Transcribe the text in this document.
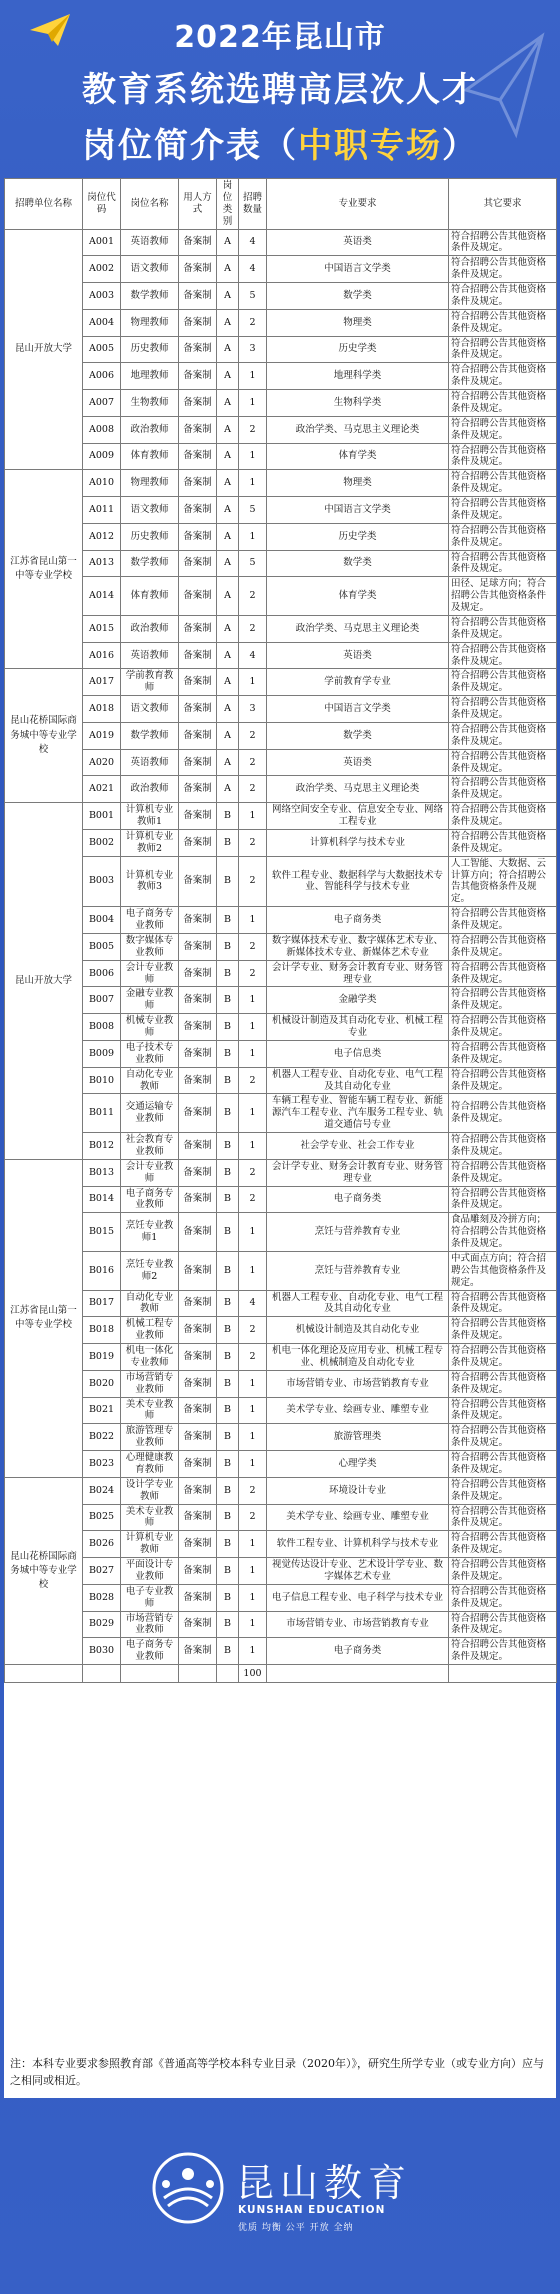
2022年昆山市
教育系统选聘高层次人才
岗位简介表（中职专场）
招聘单位名称	岗位代码	岗位名称	用人方式	岗位类别	招聘数量	专业要求	其它要求
昆山开放大学	A001	英语教师	备案制	A	4	英语类	符合招聘公告其他资格条件及规定。
	A002	语文教师	备案制	A	4	中国语言文学类	符合招聘公告其他资格条件及规定。
	A003	数学教师	备案制	A	5	数学类	符合招聘公告其他资格条件及规定。
	A004	物理教师	备案制	A	2	物理类	符合招聘公告其他资格条件及规定。
	A005	历史教师	备案制	A	3	历史学类	符合招聘公告其他资格条件及规定。
	A006	地理教师	备案制	A	1	地理科学类	符合招聘公告其他资格条件及规定。
	A007	生物教师	备案制	A	1	生物科学类	符合招聘公告其他资格条件及规定。
	A008	政治教师	备案制	A	2	政治学类、马克思主义理论类	符合招聘公告其他资格条件及规定。
	A009	体育教师	备案制	A	1	体育学类	符合招聘公告其他资格条件及规定。
江苏省昆山第一中等专业学校	A010	物理教师	备案制	A	1	物理类	符合招聘公告其他资格条件及规定。
	A011	语文教师	备案制	A	5	中国语言文学类	符合招聘公告其他资格条件及规定。
	A012	历史教师	备案制	A	1	历史学类	符合招聘公告其他资格条件及规定。
	A013	数学教师	备案制	A	5	数学类	符合招聘公告其他资格条件及规定。
	A014	体育教师	备案制	A	2	体育学类	田径、足球方向；符合招聘公告其他资格条件及规定。
	A015	政治教师	备案制	A	2	政治学类、马克思主义理论类	符合招聘公告其他资格条件及规定。
	A016	英语教师	备案制	A	4	英语类	符合招聘公告其他资格条件及规定。
昆山花桥国际商务城中等专业学校	A017	学前教育教师	备案制	A	1	学前教育学专业	符合招聘公告其他资格条件及规定。
	A018	语文教师	备案制	A	3	中国语言文学类	符合招聘公告其他资格条件及规定。
	A019	数学教师	备案制	A	2	数学类	符合招聘公告其他资格条件及规定。
	A020	英语教师	备案制	A	2	英语类	符合招聘公告其他资格条件及规定。
	A021	政治教师	备案制	A	2	政治学类、马克思主义理论类	符合招聘公告其他资格条件及规定。
昆山开放大学	B001	计算机专业教师1	备案制	B	1	网络空间安全专业、信息安全专业、网络工程专业	符合招聘公告其他资格条件及规定。
	B002	计算机专业教师2	备案制	B	2	计算机科学与技术专业	符合招聘公告其他资格条件及规定。
	B003	计算机专业教师3	备案制	B	2	软件工程专业、数据科学与大数据技术专业、智能科学与技术专业	人工智能、大数据、云计算方向；符合招聘公告其他资格条件及规定。
	B004	电子商务专业教师	备案制	B	1	电子商务类	符合招聘公告其他资格条件及规定。
	B005	数字媒体专业教师	备案制	B	2	数字媒体技术专业、数字媒体艺术专业、新媒体技术专业、新媒体艺术专业	符合招聘公告其他资格条件及规定。
	B006	会计专业教师	备案制	B	2	会计学专业、财务会计教育专业、财务管理专业	符合招聘公告其他资格条件及规定。
	B007	金融专业教师	备案制	B	1	金融学类	符合招聘公告其他资格条件及规定。
	B008	机械专业教师	备案制	B	1	机械设计制造及其自动化专业、机械工程专业	符合招聘公告其他资格条件及规定。
	B009	电子技术专业教师	备案制	B	1	电子信息类	符合招聘公告其他资格条件及规定。
	B010	自动化专业教师	备案制	B	2	机器人工程专业、自动化专业、电气工程及其自动化专业	符合招聘公告其他资格条件及规定。
	B011	交通运输专业教师	备案制	B	1	车辆工程专业、智能车辆工程专业、新能源汽车工程专业、汽车服务工程专业、轨道交通信号专业	符合招聘公告其他资格条件及规定。
	B012	社会教育专业教师	备案制	B	1	社会学专业、社会工作专业	符合招聘公告其他资格条件及规定。
江苏省昆山第一中等专业学校	B013	会计专业教师	备案制	B	2	会计学专业、财务会计教育专业、财务管理专业	符合招聘公告其他资格条件及规定。
	B014	电子商务专业教师	备案制	B	2	电子商务类	符合招聘公告其他资格条件及规定。
	B015	烹饪专业教师1	备案制	B	1	烹饪与营养教育专业	食品雕刻及冷拼方向；符合招聘公告其他资格条件及规定。
	B016	烹饪专业教师2	备案制	B	1	烹饪与营养教育专业	中式面点方向；符合招聘公告其他资格条件及规定。
	B017	自动化专业教师	备案制	B	4	机器人工程专业、自动化专业、电气工程及其自动化专业	符合招聘公告其他资格条件及规定。
	B018	机械工程专业教师	备案制	B	2	机械设计制造及其自动化专业	符合招聘公告其他资格条件及规定。
	B019	机电一体化专业教师	备案制	B	2	机电一体化理论及应用专业、机械工程专业、机械制造及自动化专业	符合招聘公告其他资格条件及规定。
	B020	市场营销专业教师	备案制	B	1	市场营销专业、市场营销教育专业	符合招聘公告其他资格条件及规定。
	B021	美术专业教师	备案制	B	1	美术学专业、绘画专业、雕塑专业	符合招聘公告其他资格条件及规定。
	B022	旅游管理专业教师	备案制	B	1	旅游管理类	符合招聘公告其他资格条件及规定。
	B023	心理健康教育教师	备案制	B	1	心理学类	符合招聘公告其他资格条件及规定。
昆山花桥国际商务城中等专业学校	B024	设计学专业教师	备案制	B	2	环境设计专业	符合招聘公告其他资格条件及规定。
	B025	美术专业教师	备案制	B	2	美术学专业、绘画专业、雕塑专业	符合招聘公告其他资格条件及规定。
	B026	计算机专业教师	备案制	B	1	软件工程专业、计算机科学与技术专业	符合招聘公告其他资格条件及规定。
	B027	平面设计专业教师	备案制	B	1	视觉传达设计专业、艺术设计学专业、数字媒体艺术专业	符合招聘公告其他资格条件及规定。
	B028	电子专业教师	备案制	B	1	电子信息工程专业、电子科学与技术专业	符合招聘公告其他资格条件及规定。
	B029	市场营销专业教师	备案制	B	1	市场营销专业、市场营销教育专业	符合招聘公告其他资格条件及规定。
	B030	电子商务专业教师	备案制	B	1	电子商务类	符合招聘公告其他资格条件及规定。
					100		
注：本科专业要求参照教育部《普通高等学校本科专业目录（2020年）》，研究生所学专业（或专业方向）应与之相同或相近。
昆山教育
KUNSHAN EDUCATION
优质 均衡 公平 开放 全纳
